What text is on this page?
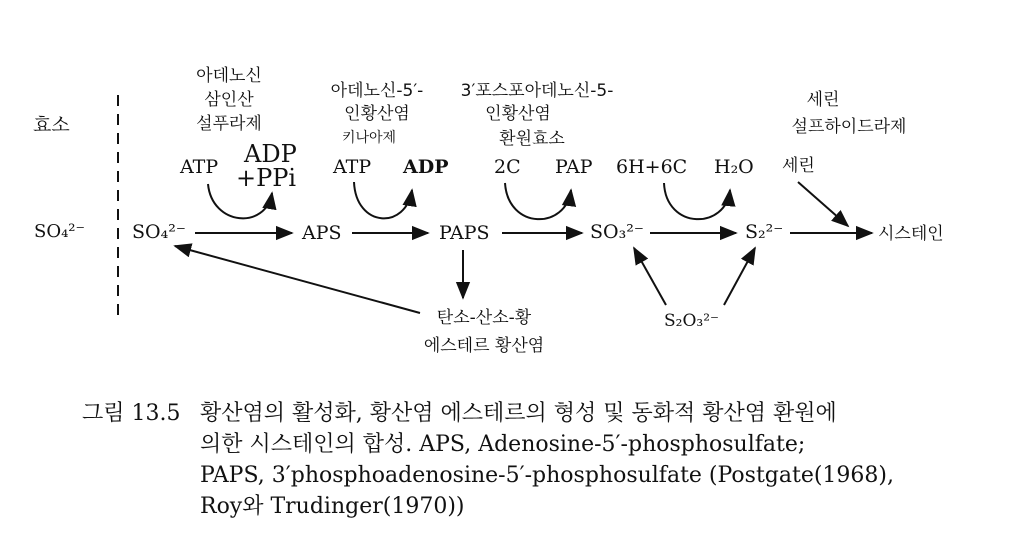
효소
SO₄²⁻
아데노신
삼인산
설푸라제
아데노신-5′-
인황산염
키나아제
3′포스포아데노신-5-
인황산염
환원효소
세린
설프하이드라제
ATP ADP
+PPi ATP ADP 2C PAP 6H+6C H₂O 세린
SO₄²⁻	APS	PAPS	SO₃²⁻	S₂²⁻	시스테인
S₂O₃²⁻
탄소-산소-황
에스테르 황산염
그림 13.5 황산염의 활성화, 황산염 에스테르의 형성 및 동화적 황산염 환원에
의한 시스테인의 합성. APS, Adenosine-5′-phosphosulfate;
PAPS, 3′phosphoadenosine-5′-phosphosulfate (Postgate(1968),
Roy와 Trudinger(1970))
